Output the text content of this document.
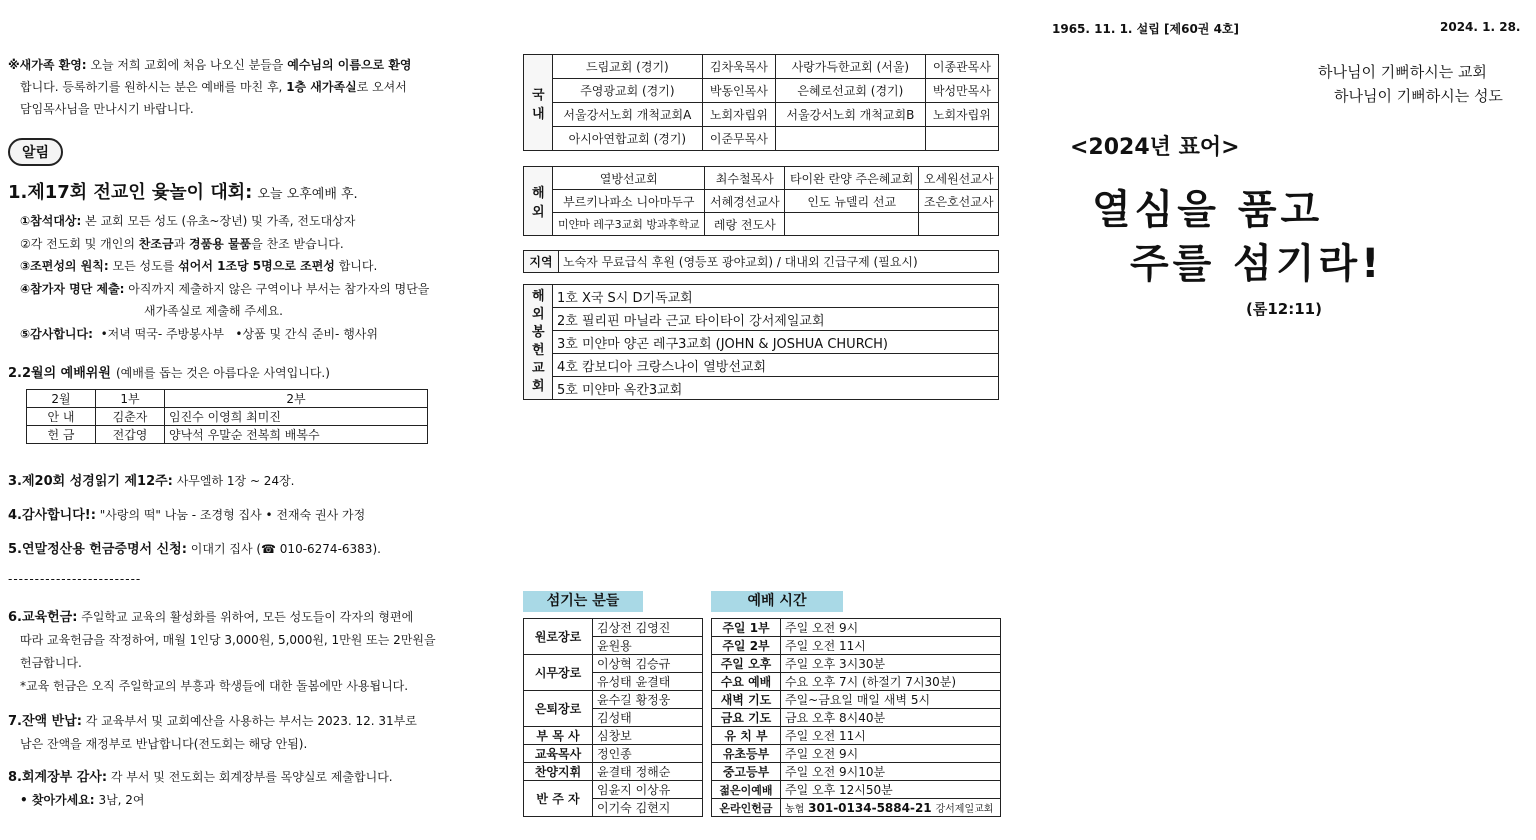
1965. 11. 1. 설립 [제60권 4호]	2024. 1. 28.
하나님이 기뻐하시는 교회
하나님이 기뻐하시는 성도
<2024년 표어>
열심을 품고
주를 섬기라!
(롬12:11)
※새가족 환영: 오늘 저희 교회에 처음 나오신 분들을 예수님의 이름으로 환영
합니다. 등록하기를 원하시는 분은 예배를 마친 후, 1층 새가족실로 오셔서
담임목사님을 만나시기 바랍니다.
알림
1.제17회 전교인 윷놀이 대회: 오늘 오후예배 후.
①참석대상: 본 교회 모든 성도 (유초~장년) 및 가족, 전도대상자
②각 전도회 및 개인의 찬조금과 경품용 물품을 찬조 받습니다.
③조편성의 원칙: 모든 성도를 섞어서 1조당 5명으로 조편성 합니다.
④참가자 명단 제출: 아직까지 제출하지 않은 구역이나 부서는 참가자의 명단을
새가족실로 제출해 주세요.
⑤감사합니다: •저녁 떡국- 주방봉사부 •상품 및 간식 준비- 행사위
2.2월의 예배위원 (예배를 돕는 것은 아름다운 사역입니다.)
2월	1부	2부
안 내	김춘자	임진수 이영희 최미진
헌 금	전갑영	양낙석 우말순 전복희 배복수
3.제20회 성경읽기 제12주: 사무엘하 1장 ~ 24장.
4.감사합니다!: "사랑의 떡" 나눔 - 조경형 집사 • 전재숙 권사 가정
5.연말정산용 헌금증명서 신청: 이대기 집사 (☎ 010-6274-6383).
-------------------------
6.교육헌금: 주일학교 교육의 활성화를 위하여, 모든 성도들이 각자의 형편에
따라 교육헌금을 작정하여, 매월 1인당 3,000원, 5,000원, 1만원 또는 2만원을
헌금합니다.
*교육 헌금은 오직 주일학교의 부흥과 학생들에 대한 돌봄에만 사용됩니다.
7.잔액 반납: 각 교육부서 및 교회예산을 사용하는 부서는 2023. 12. 31부로
남은 잔액을 재정부로 반납합니다(전도회는 해당 안됨).
8.회계장부 감사: 각 부서 및 전도회는 회계장부를 목양실로 제출합니다.
• 찾아가세요: 3남, 2여
국내	드림교회 (경기)	김차욱목사	사랑가득한교회 (서울)	이종관목사
	주영광교회 (경기)	박동인목사	은혜로선교회 (경기)	박성만목사
	서울강서노회 개척교회A	노회자립위	서울강서노회 개척교회B	노회자립위
	아시아연합교회 (경기)	이준무목사		
해외	열방선교회	최수철목사	타이완 란양 주은혜교회	오세원선교사
	부르키나파소 니아마두구	서혜경선교사	인도 뉴델리 선교	조은호선교사
	미얀마 레구3교회 방과후학교	레랑 전도사		
지역	노숙자 무료급식 후원 (영등포 광야교회) / 대내외 긴급구제 (필요시)
해외봉헌교회
	1호 X국 S시 D기독교회
2호 필리핀 마닐라 근교 타이타이 강서제일교회
3호 미얀마 양곤 레구3교회 (JOHN & JOSHUA CHURCH)
4호 캄보디아 크랑스나이 열방선교회
5호 미얀마 옥칸3교회
섬기는 분들
원로장로	김상전 김영진
	윤원용
시무장로	이상혁 김승규
	유성태 윤결태
은퇴장로	윤수길 황정웅
	김성태
부 목 사	심창보
교육목사	정인종
찬양지휘	윤결태 정해순
반 주 자	임윤지 이상유
	이기숙 김현지
예배 시간
주일 1부	주일 오전 9시
주일 2부	주일 오전 11시
주일 오후	주일 오후 3시30분
수요 예배	수요 오후 7시 (하절기 7시30분)
새벽 기도	주일~금요일 매일 새벽 5시
금요 기도	금요 오후 8시40분
유 치 부	주일 오전 11시
유초등부	주일 오전 9시
중고등부	주일 오전 9시10분
젊은이예배	주일 오후 12시50분
온라인헌금	농협 301-0134-5884-21 강서제일교회
